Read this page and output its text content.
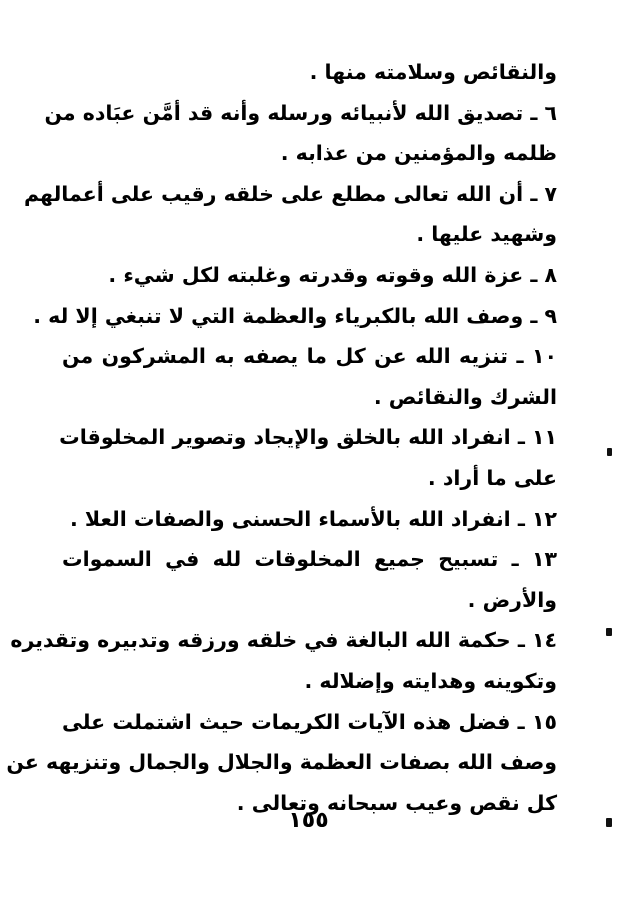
والنقائص وسلامته منها .
٦ ـ تصديق الله لأنبيائه ورسله وأنه قد أمَّن عبَاده من
ظلمه والمؤمنين من عذابه .
٧ ـ أن الله تعالى مطلع على خلقه رقيب على أعمالهم
وشهيد عليها .
٨ ـ عزة الله وقوته وقدرته وغلبته لكل شيء .
٩ ـ وصف الله بالكبرياء والعظمة التي لا تنبغي إلا له .
١٠ ـ تنزيه الله عن كل ما يصفه به المشركون من
الشرك والنقائص .
١١ ـ انفراد الله بالخلق والإيجاد وتصوير المخلوقات
على ما أراد .
١٢ ـ انفراد الله بالأسماء الحسنى والصفات العلا .
١٣ ـ تسبيح جميع المخلوقات لله في السموات
والأرض .
١٤ ـ حكمة الله البالغة في خلقه ورزقه وتدبيره وتقديره
وتكوينه وهدايته وإضلاله .
١٥ ـ فضل هذه الآيات الكريمات حيث اشتملت على
وصف الله بصفات العظمة والجلال والجمال وتنزيهه عن
كل نقص وعيب سبحانه وتعالى .
١٥٥
